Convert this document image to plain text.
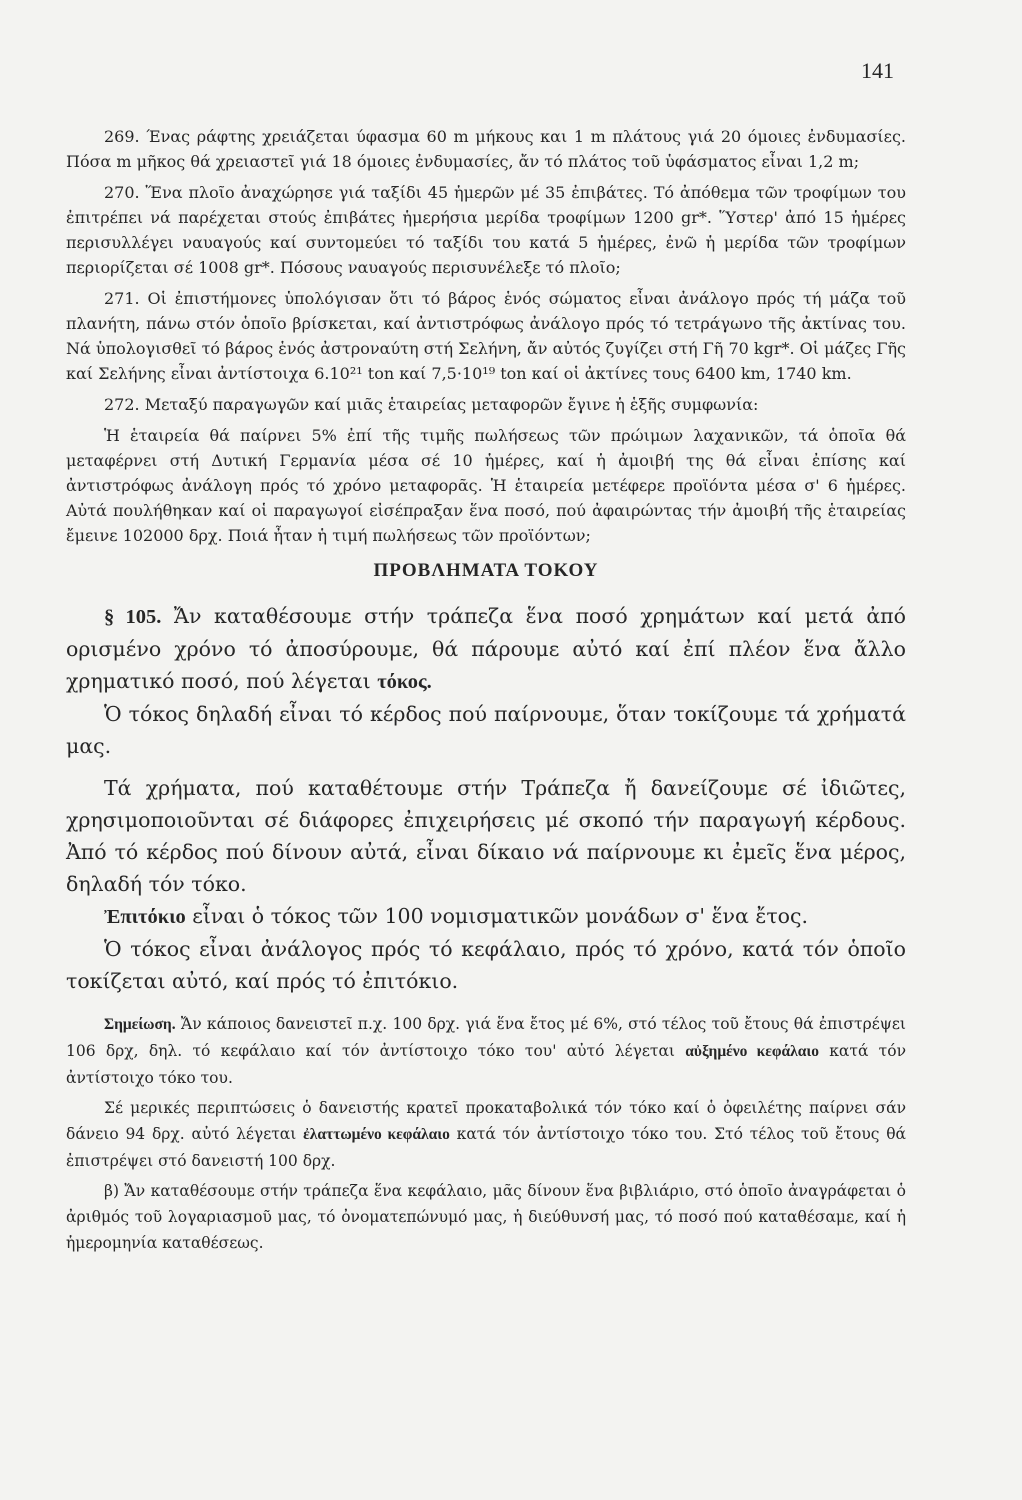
141

269. Ένας ράφτης χρειάζεται ύφασμα 60 m μήκους και 1 m πλάτους γιά 20 όμοιες ἐνδυμασίες. Πόσα m μῆκος θά χρειαστεῖ γιά 18 όμοιες ἐνδυμασίες, ἄν τό πλάτος τοῦ ὑφάσματος εἶναι 1,2 m;

270. Ἕνα πλοῖο ἀναχώρησε γιά ταξίδι 45 ἡμερῶν μέ 35 ἐπιβάτες. Τό ἀπόθεμα τῶν τροφίμων του ἐπιτρέπει νά παρέχεται στούς ἐπιβάτες ἡμερήσια μερίδα τροφίμων 1200 gr*. Ὕστερ' ἀπό 15 ἡμέρες περισυλλέγει ναυαγούς καί συντομεύει τό ταξίδι του κατά 5 ἡμέρες, ἐνῶ ἡ μερίδα τῶν τροφίμων περιορίζεται σέ 1008 gr*. Πόσους ναυαγούς περισυνέλεξε τό πλοῖο;

271. Οἱ ἐπιστήμονες ὑπολόγισαν ὅτι τό βάρος ἑνός σώματος εἶναι ἀνάλογο πρός τή μάζα τοῦ πλανήτη, πάνω στόν ὁποῖο βρίσκεται, καί ἀντιστρόφως ἀνάλογο πρός τό τετράγωνο τῆς ἀκτίνας του. Νά ὑπολογισθεῖ τό βάρος ἑνός ἀστροναύτη στή Σελήνη, ἄν αὐτός ζυγίζει στή Γῆ 70 kgr*. Οἱ μάζες Γῆς καί Σελήνης εἶναι ἀντίστοιχα 6.10²¹ ton καί 7,5·10¹⁹ ton καί οἱ ἀκτίνες τους 6400 km, 1740 km.

272. Μεταξύ παραγωγῶν καί μιᾶς ἑταιρείας μεταφορῶν ἔγινε ἡ ἑξῆς συμφωνία:

Ἡ ἑταιρεία θά παίρνει 5% ἐπί τῆς τιμῆς πωλήσεως τῶν πρώιμων λαχανικῶν, τά ὁποῖα θά μεταφέρνει στή Δυτική Γερμανία μέσα σέ 10 ἡμέρες, καί ἡ ἀμοιβή της θά εἶναι ἐπίσης καί ἀντιστρόφως ἀνάλογη πρός τό χρόνο μεταφορᾶς. Ἡ ἑταιρεία μετέφερε προϊόντα μέσα σ' 6 ἡμέρες. Αὐτά πουλήθηκαν καί οἱ παραγωγοί εἰσέπραξαν ἕνα ποσό, πού ἀφαιρώντας τήν ἀμοιβή τῆς ἑταιρείας ἔμεινε 102000 δρχ. Ποιά ἦταν ἡ τιμή πωλήσεως τῶν προϊόντων;

ΠΡΟΒΛΗΜΑΤΑ ΤΟΚΟΥ

§ 105. Ἄν καταθέσουμε στήν τράπεζα ἕνα ποσό χρημάτων καί μετά ἀπό ορισμένο χρόνο τό ἀποσύρουμε, θά πάρουμε αὐτό καί ἐπί πλέον ἕνα ἄλλο χρηματικό ποσό, πού λέγεται τόκος.

Ὁ τόκος δηλαδή εἶναι τό κέρδος πού παίρνουμε, ὅταν τοκίζουμε τά χρήματά μας.

Τά χρήματα, πού καταθέτουμε στήν Τράπεζα ἤ δανείζουμε σέ ἰδιῶτες, χρησιμοποιοῦνται σέ διάφορες ἐπιχειρήσεις μέ σκοπό τήν παραγωγή κέρδους. Ἀπό τό κέρδος πού δίνουν αὐτά, εἶναι δίκαιο νά παίρνουμε κι ἐμεῖς ἕνα μέρος, δηλαδή τόν τόκο.

Ἐπιτόκιο εἶναι ὁ τόκος τῶν 100 νομισματικῶν μονάδων σ' ἕνα ἔτος.

Ὁ τόκος εἶναι ἀνάλογος πρός τό κεφάλαιο, πρός τό χρόνο, κατά τόν ὁποῖο τοκίζεται αὐτό, καί πρός τό ἐπιτόκιο.

Σημείωση. Ἄν κάποιος δανειστεῖ π.χ. 100 δρχ. γιά ἕνα ἔτος μέ 6%, στό τέλος τοῦ ἔτους θά ἐπιστρέψει 106 δρχ, δηλ. τό κεφάλαιο καί τόν ἀντίστοιχο τόκο του' αὐτό λέγεται αὐξημένο κεφάλαιο κατά τόν ἀντίστοιχο τόκο του.

Σέ μερικές περιπτώσεις ὁ δανειστής κρατεῖ προκαταβολικά τόν τόκο καί ὁ ὀφειλέτης παίρνει σάν δάνειο 94 δρχ. αὐτό λέγεται ἐλαττωμένο κεφάλαιο κατά τόν ἀντίστοιχο τόκο του. Στό τέλος τοῦ ἔτους θά ἐπιστρέψει στό δανειστή 100 δρχ.

β) Ἄν καταθέσουμε στήν τράπεζα ἕνα κεφάλαιο, μᾶς δίνουν ἕνα βιβλιάριο, στό ὁποῖο ἀναγράφεται ὁ ἀριθμός τοῦ λογαριασμοῦ μας, τό ὀνοματεπώνυμό μας, ἡ διεύθυνσή μας, τό ποσό πού καταθέσαμε, καί ἡ ἡμερομηνία καταθέσεως.
